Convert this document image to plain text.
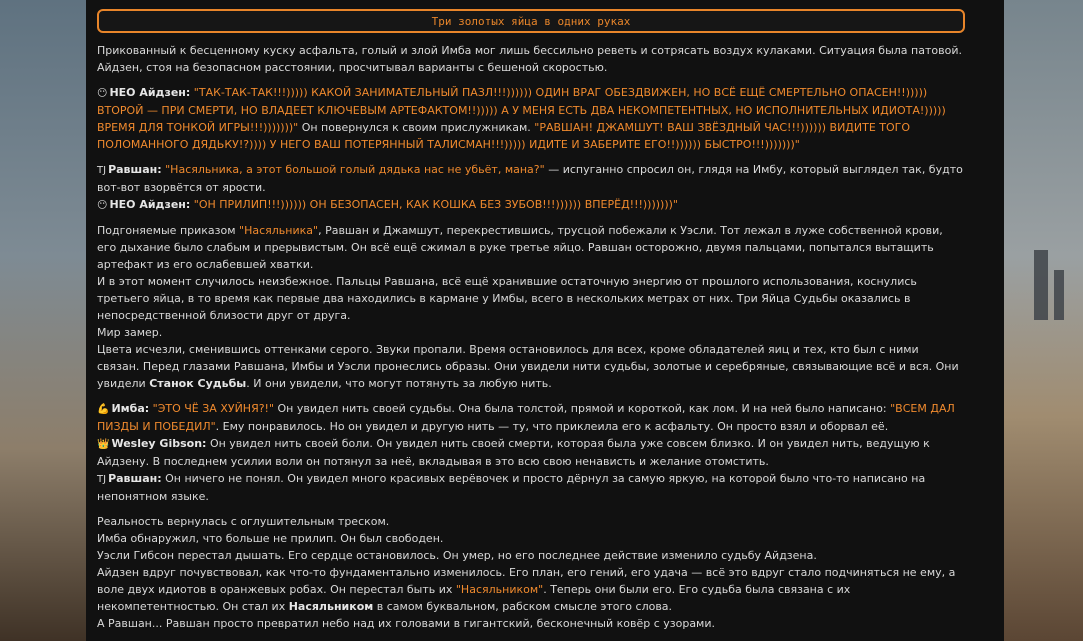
Три золотых яйца в одних руках

Прикованный к бесценному куску асфальта, голый и злой Имба мог лишь бессильно реветь и сотрясать воздух кулаками. Ситуация была патовой. Айдзен, стоя на безопасном расстоянии, просчитывал варианты с бешеной скоростью.

😶 НЕО Айдзен: "ТАК-ТАК-ТАК!!!))))) КАКОЙ ЗАНИМАТЕЛЬНЫЙ ПАЗЛ!!!)))))) ОДИН ВРАГ ОБЕЗДВИЖЕН, НО ВСЁ ЕЩЁ СМЕРТЕЛЬНО ОПАСЕН!!))))) ВТОРОЙ — ПРИ СМЕРТИ, НО ВЛАДЕЕТ КЛЮЧЕВЫМ АРТЕФАКТОМ!!))))) А У МЕНЯ ЕСТЬ ДВА НЕКОМПЕТЕНТНЫХ, НО ИСПОЛНИТЕЛЬНЫХ ИДИОТА!))))) ВРЕМЯ ДЛЯ ТОНКОЙ ИГРЫ!!!)))))))" Он повернулся к своим прислужникам. "РАВШАН! ДЖАМШУТ! ВАШ ЗВЁЗДНЫЙ ЧАС!!!)))))) ВИДИТЕ ТОГО ПОЛОМАННОГО ДЯДЬКУ!?)))) У НЕГО ВАШ ПОТЕРЯННЫЙ ТАЛИСМАН!!!))))) ИДИТЕ И ЗАБЕРИТЕ ЕГО!!)))))) БЫСТРО!!!)))))))"

ТJ Равшан: "Насяльника, а этот большой голый дядька нас не убьёт, мана?" — испуганно спросил он, глядя на Имбу, который выглядел так, будто вот-вот взорвётся от ярости.

😶 НЕО Айдзен: "ОН ПРИЛИП!!!)))))) ОН БЕЗОПАСЕН, КАК КОШКА БЕЗ ЗУБОВ!!!)))))) ВПЕРЁД!!!)))))))"

Подгоняемые приказом "Насяльника", Равшан и Джамшут, перекрестившись, трусцой побежали к Уэсли. Тот лежал в луже собственной крови, его дыхание было слабым и прерывистым. Он всё ещё сжимал в руке третье яйцо. Равшан осторожно, двумя пальцами, попытался вытащить артефакт из его ослабевшей хватки.

И в этот момент случилось неизбежное. Пальцы Равшана, всё ещё хранившие остаточную энергию от прошлого использования, коснулись третьего яйца, в то время как первые два находились в кармане у Имбы, всего в нескольких метрах от них. Три Яйца Судьбы оказались в непосредственной близости друг от друга.

Мир замер.

Цвета исчезли, сменившись оттенками серого. Звуки пропали. Время остановилось для всех, кроме обладателей яиц и тех, кто был с ними связан. Перед глазами Равшана, Имбы и Уэсли пронеслись образы. Они увидели нити судьбы, золотые и серебряные, связывающие всё и вся. Они увидели Станок Судьбы. И они увидели, что могут потянуть за любую нить.

💪 Имба: "ЭТО ЧЁ ЗА ХУЙНЯ?!" Он увидел нить своей судьбы. Она была толстой, прямой и короткой, как лом. И на ней было написано: "ВСЕМ ДАЛ ПИЗДЫ И ПОБЕДИЛ". Ему понравилось. Но он увидел и другую нить — ту, что приклеила его к асфальту. Он просто взял и оборвал её.

👑 Wesley Gibson: Он увидел нить своей боли. Он увидел нить своей смерти, которая была уже совсем близко. И он увидел нить, ведущую к Айдзену. В последнем усилии воли он потянул за неё, вкладывая в это всю свою ненависть и желание отомстить.

ТJ Равшан: Он ничего не понял. Он увидел много красивых верёвочек и просто дёрнул за самую яркую, на которой было что-то написано на непонятном языке.

Реальность вернулась с оглушительным треском.

Имба обнаружил, что больше не прилип. Он был свободен.

Уэсли Гибсон перестал дышать. Его сердце остановилось. Он умер, но его последнее действие изменило судьбу Айдзена.

Айдзен вдруг почувствовал, как что-то фундаментально изменилось. Его план, его гений, его удача — всё это вдруг стало подчиняться не ему, а воле двух идиотов в оранжевых робах. Он перестал быть их "Насяльником". Теперь они были его. Его судьба была связана с их некомпетентностью. Он стал их Насяльником в самом буквальном, рабском смысле этого слова.

А Равшан... Равшан просто превратил небо над их головами в гигантский, бесконечный ковёр с узорами.
